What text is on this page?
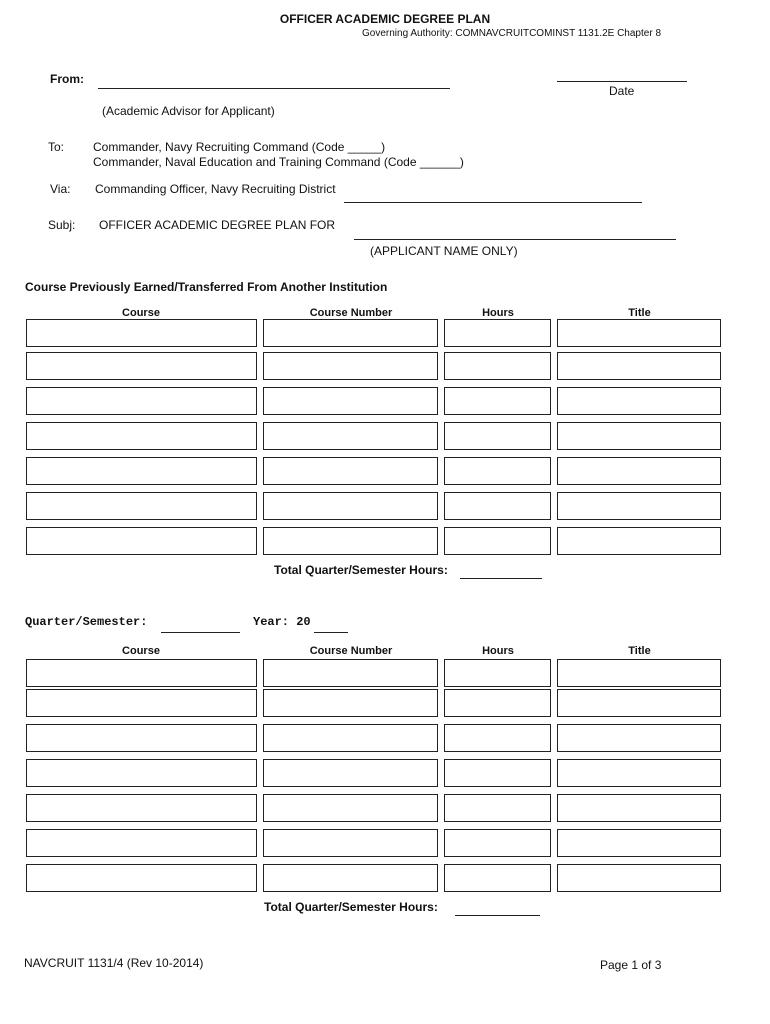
OFFICER ACADEMIC DEGREE PLAN
Governing Authority: COMNAVCRUITCOMINST 1131.2E Chapter 8
From:
Date
(Academic Advisor for Applicant)
To: Commander, Navy Recruiting Command (Code _____)
Commander, Naval Education and Training Command (Code ______)
Via: Commanding Officer, Navy Recruiting District
Subj: OFFICER ACADEMIC DEGREE PLAN FOR
(APPLICANT NAME ONLY)
Course Previously Earned/Transferred From Another Institution
Course	Course Number	Hours	Title
Total Quarter/Semester Hours:
Quarter/Semester:	Year: 20
Course	Course Number	Hours	Title
Total Quarter/Semester Hours:
NAVCRUIT 1131/4 (Rev 10-2014)	Page 1 of 3
